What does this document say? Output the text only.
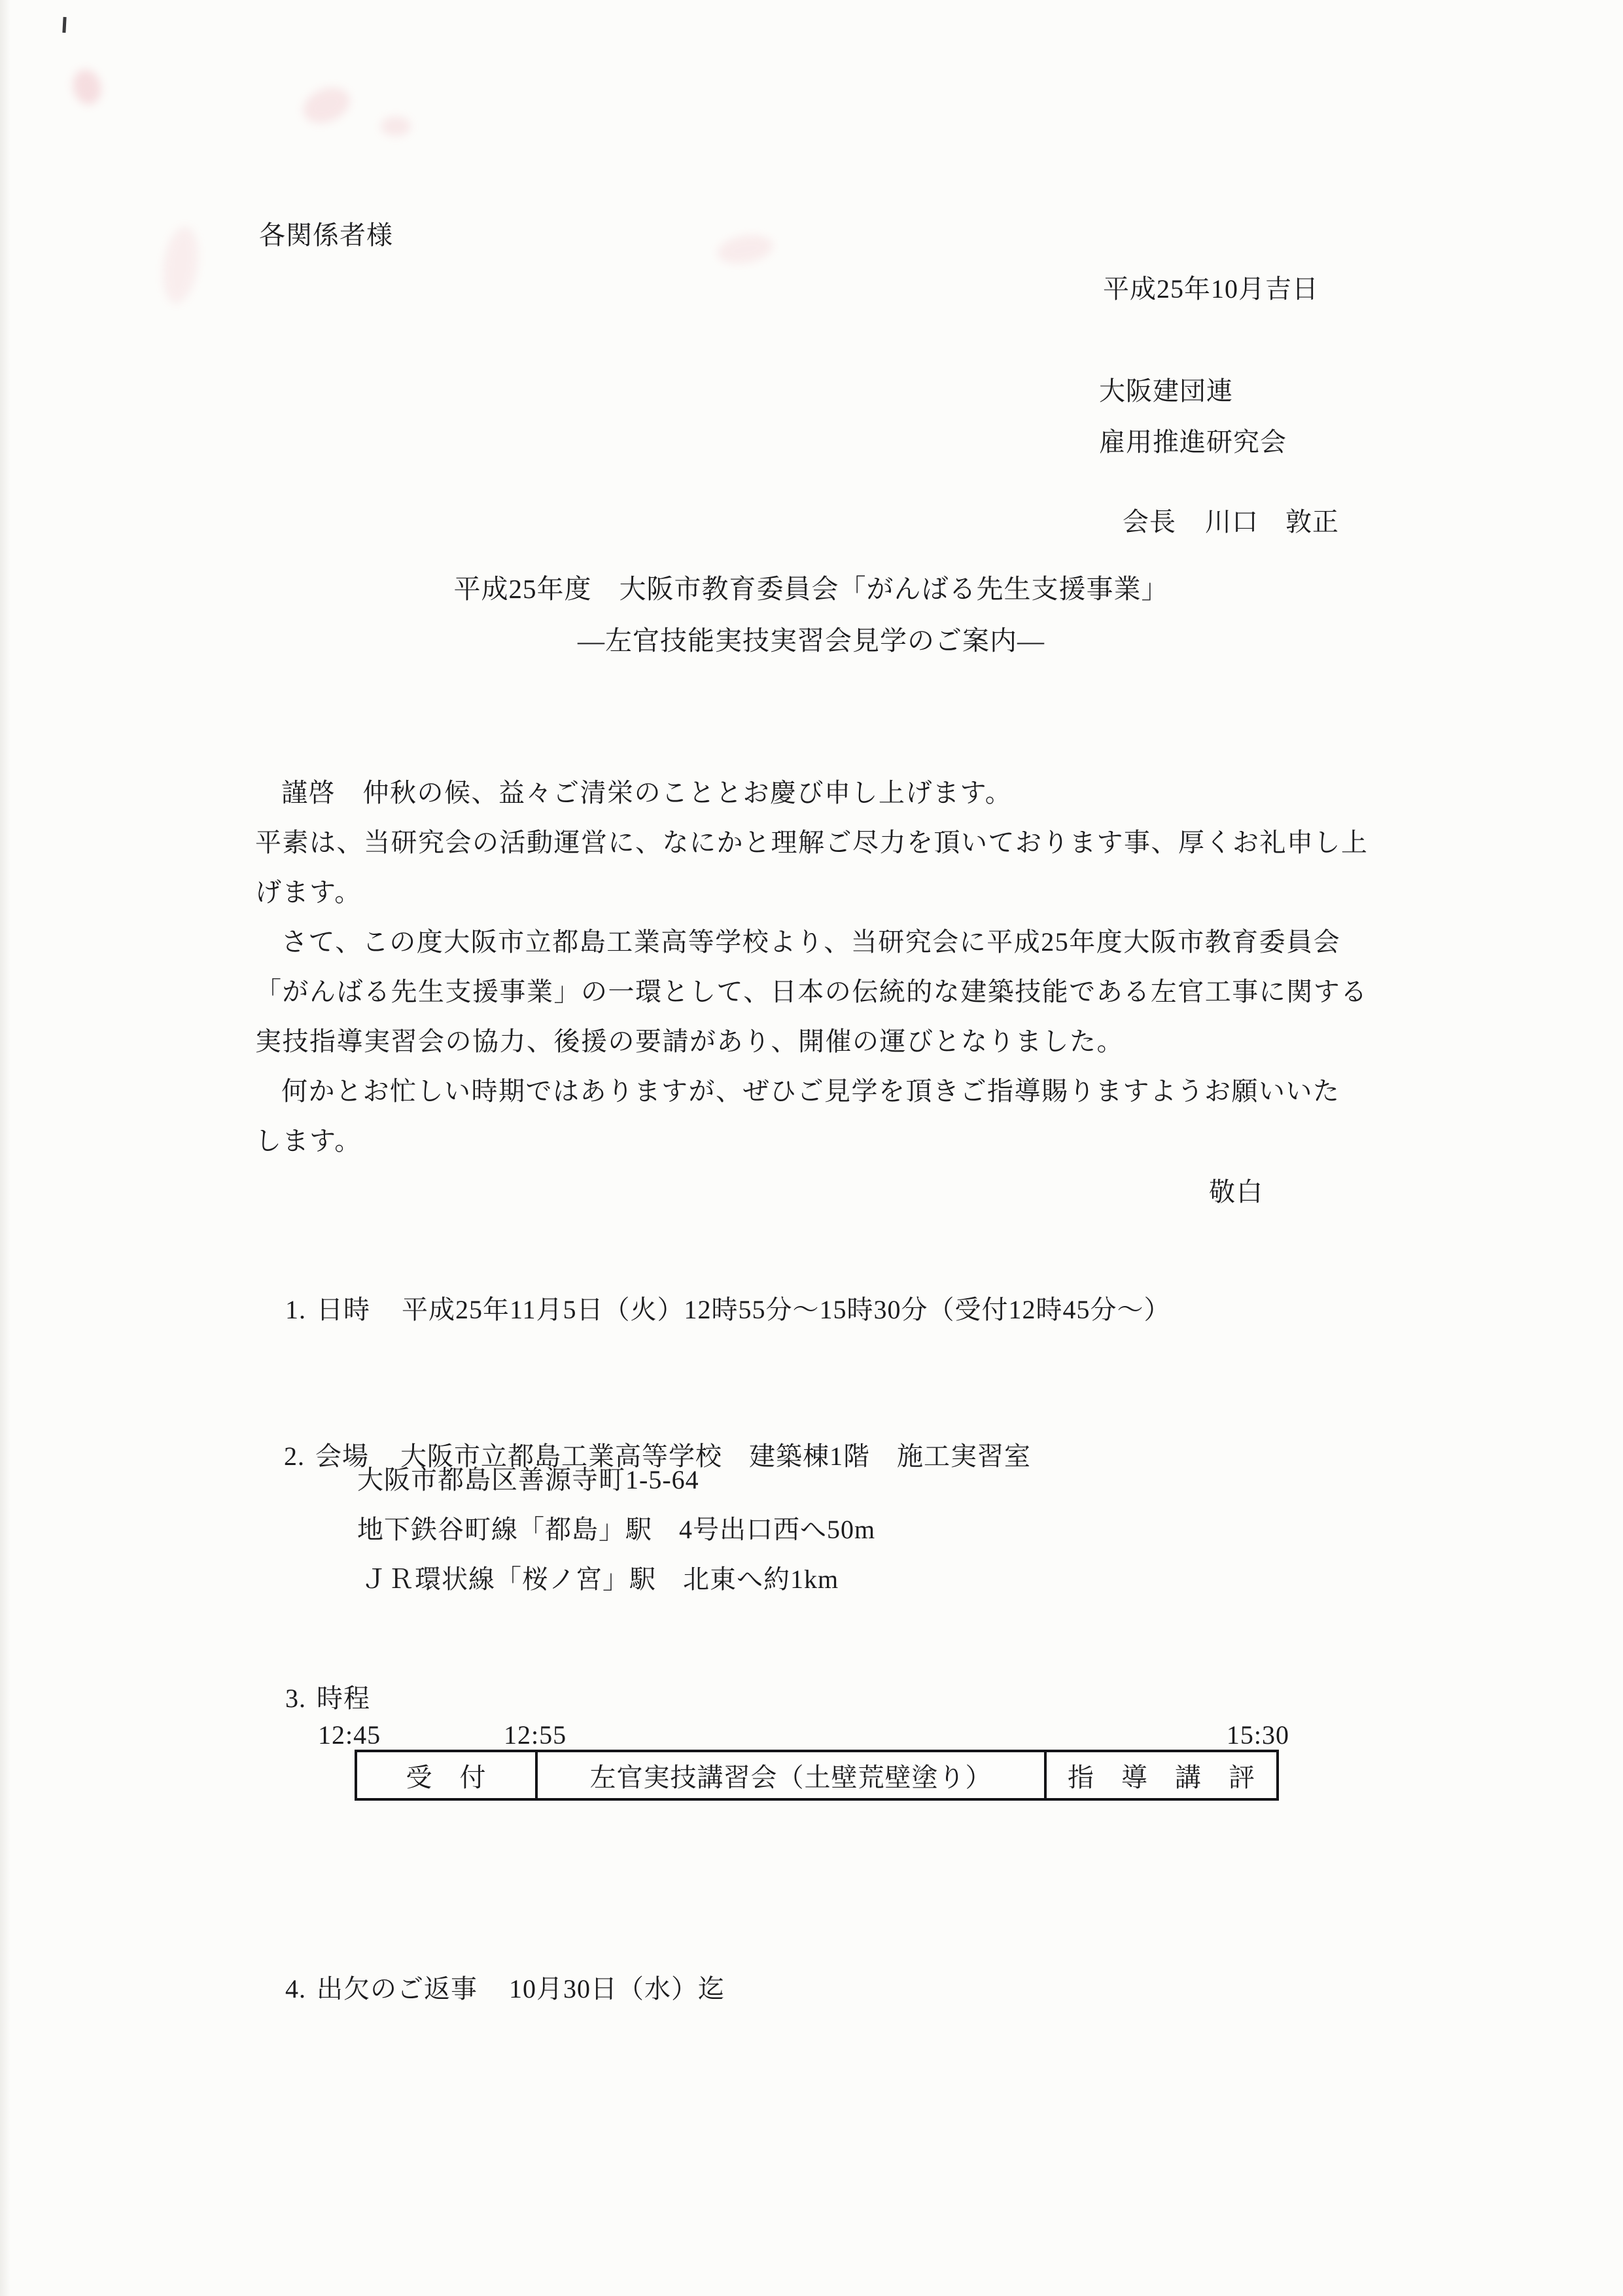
各関係者様
平成25年10月吉日
大阪建団連
雇用推進研究会

会長 川口　敦正

平成25年度　大阪市教育委員会「がんばる先生支援事業」
―左官技能実技実習会見学のご案内―
謹啓　仲秋の候、益々ご清栄のこととお慶び申し上げます。
平素は、当研究会の活動運営に、なにかと理解ご尽力を頂いております事、厚くお礼申し上
げます。
さて、この度大阪市立都島工業高等学校より、当研究会に平成25年度大阪市教育委員会
「がんばる先生支援事業」の一環として、日本の伝統的な建築技能である左官工事に関する
実技指導実習会の協力、後援の要請があり、開催の運びとなりました。
何かとお忙しい時期ではありますが、ぜひご見学を頂きご指導賜りますようお願いいた
します。
敬白

1. 日時 平成25年11月5日（火）12時55分～15時30分（受付12時45分～）

2. 会場 大阪市立都島工業高等学校　建築棟1階　施工実習室

大阪市都島区善源寺町1-5-64
地下鉄谷町線「都島」駅　4号出口西へ50m
ＪＲ環状線「桜ノ宮」駅　北東へ約1km

3. 時程

12:45	12:55	15:30
受　付	左官実技講習会（土壁荒壁塗り）	指　導　講　評

4. 出欠のご返事 10月30日（水）迄
